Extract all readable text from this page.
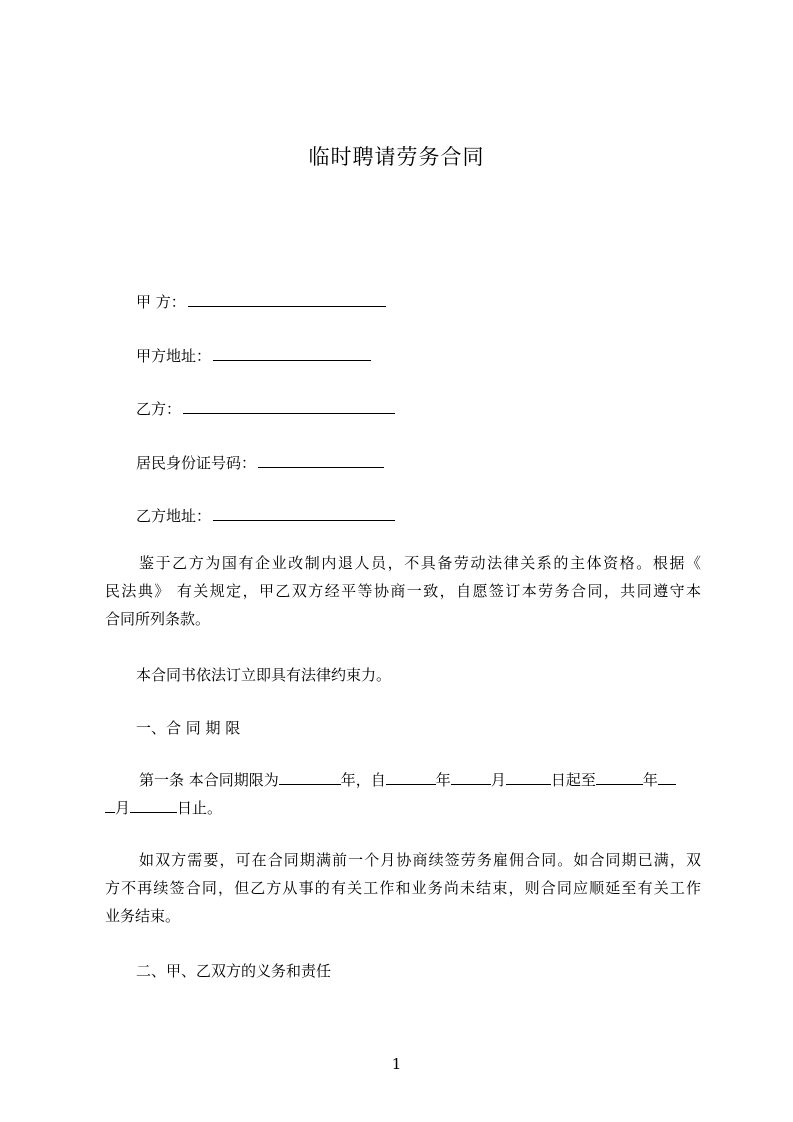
临时聘请劳务合同
甲 方：
甲方地址：
乙方：
居民身份证号码：
乙方地址：
鉴于乙方为国有企业改制内退人员，不具备劳动法律关系的主体资格。根据《
民法典》 有关规定，甲乙双方经平等协商一致，自愿签订本劳务合同，共同遵守本
合同所列条款。
本合同书依法订立即具有法律约束力。
一、合 同 期 限
第一条 本合同期限为	年，自	年	月	日起至	年
月	日止。
如双方需要，可在合同期满前一个月协商续签劳务雇佣合同。如合同期已满，双
方不再续签合同，但乙方从事的有关工作和业务尚未结束，则合同应顺延至有关工作
业务结束。
二、甲、乙双方的义务和责任
1
